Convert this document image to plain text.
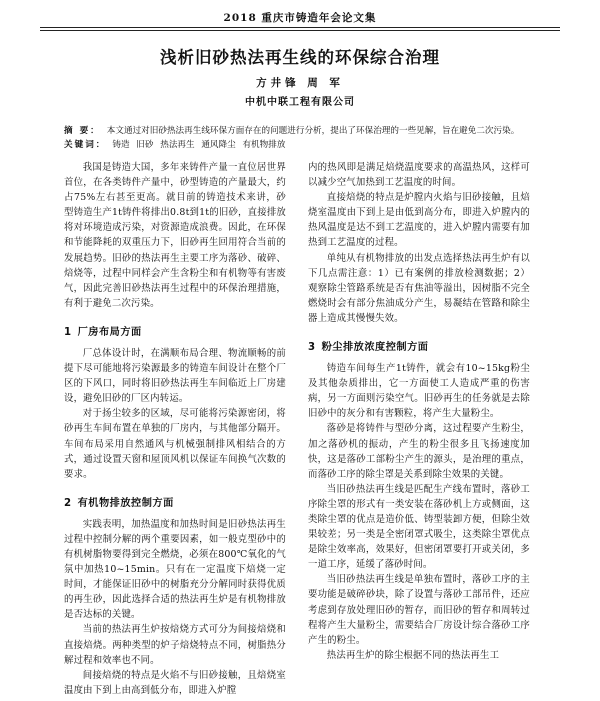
2018 重庆市铸造年会论文集
浅析旧砂热法再生线的环保综合治理
方井锋 周 军
中机中联工程有限公司
摘 要： 本文通过对旧砂热法再生线环保方面存在的问题进行分析，提出了环保治理的一些见解，旨在避免二次污染。
关键词： 铸造 旧砂 热法再生 通风降尘 有机物排放

我国是铸造大国，多年来铸件产量一直位居世界首位，在各类铸件产量中，砂型铸造的产量最大，约占75%左右甚至更高。就目前的铸造技术来讲，砂型铸造生产1t铸件将排出0.8t到1t的旧砂，直接排放将对环境造成污染，对资源造成浪费。因此，在环保和节能降耗的双重压力下，旧砂再生回用符合当前的发展趋势。旧砂的热法再生主要工序为落砂、破碎、焙烧等，过程中同样会产生含粉尘和有机物等有害废气，因此完善旧砂热法再生过程中的环保治理措施，有利于避免二次污染。

1 厂房布局方面

厂总体设计时，在满顺布局合理、物流顺畅的前提下尽可能地将污染源最多的铸造车间设计在整个厂区的下风口，同时将旧砂热法再生车间临近上厂房建设，避免旧砂的厂区内转运。

对于扬尘较多的区域，尽可能将污染源密闭，将砂再生车间布置在单独的厂房内，与其他部分隔开。车间布局采用自然通风与机械强制排风相结合的方式，通过设置天窗和屋顶风机以保证车间换气次数的要求。

2 有机物排放控制方面

实践表明，加热温度和加热时间是旧砂热法再生过程中控制分解的两个重要因素，如一般克型砂中的有机树脂物要得到完全燃烧，必须在800℃氧化的气氛中加热10~15min。只有在一定温度下焙烧一定时间，才能保证旧砂中的树脂充分分解同时获得优质的再生砂，因此选择合适的热法再生炉是有机物排放是否达标的关键。

当前的热法再生炉按焙烧方式可分为间接焙烧和直接焙烧。两种类型的炉子焙烧特点不同，树脂热分解过程和效率也不同。

间接焙烧的特点是火焰不与旧砂接触，且焙烧室温度由下到上由高到低分布，即进入炉膛

内的热风即是满足焙烧温度要求的高温热风，这样可以减少空气加热到工艺温度的时间。

直接焙烧的特点是炉膛内火焰与旧砂接触，且焙烧室温度由下到上是由低到高分布，即进入炉膛内的热风温度是达不到工艺温度的，进入炉膛内需要有加热到工艺温度的过程。

单纯从有机物排放的出发点选择热法再生炉有以下几点需注意：1）已有案例的排放检测数据；2）观察除尘管路系统是否有焦油等溢出，因树脂不完全燃烧时会有部分焦油成分产生，易凝结在管路和除尘器上造成其慢慢失效。

3 粉尘排放浓度控制方面

铸造车间每生产1t铸件，就会有10~15kg粉尘及其他杂质排出，它一方面使工人造成严重的伤害病，另一方面则污染空气。旧砂再生的任务就是去除旧砂中的灰分和有害颗粒，将产生大量粉尘。

落砂是将铸件与型砂分离，这过程要产生粉尘，加之落砂机的振动，产生的粉尘很多且飞扬速度加快，这是落砂工部粉尘产生的源头，是治理的重点，而落砂工序的除尘罩是关系到除尘效果的关键。

当旧砂热法再生线是匹配生产线布置时，落砂工序除尘罩的形式有一类安装在落砂机上方或侧面，这类除尘罩的优点是造价低、铸型装卸方便，但除尘效果较差；另一类是全密闭罩式吸尘，这类除尘罩优点是除尘效率高，效果好，但密闭罩要打开或关闭，多一道工序，延缓了落砂时间。

当旧砂热法再生线是单独布置时，落砂工序的主要功能是破碎砂块，除了设置与落砂工部吊件，还应考虑到存放处理旧砂的暂存，而旧砂的暂存和周转过程将产生大量粉尘，需要结合厂房设计综合落砂工序产生的粉尘。

热法再生炉的除尘根据不同的热法再生工
